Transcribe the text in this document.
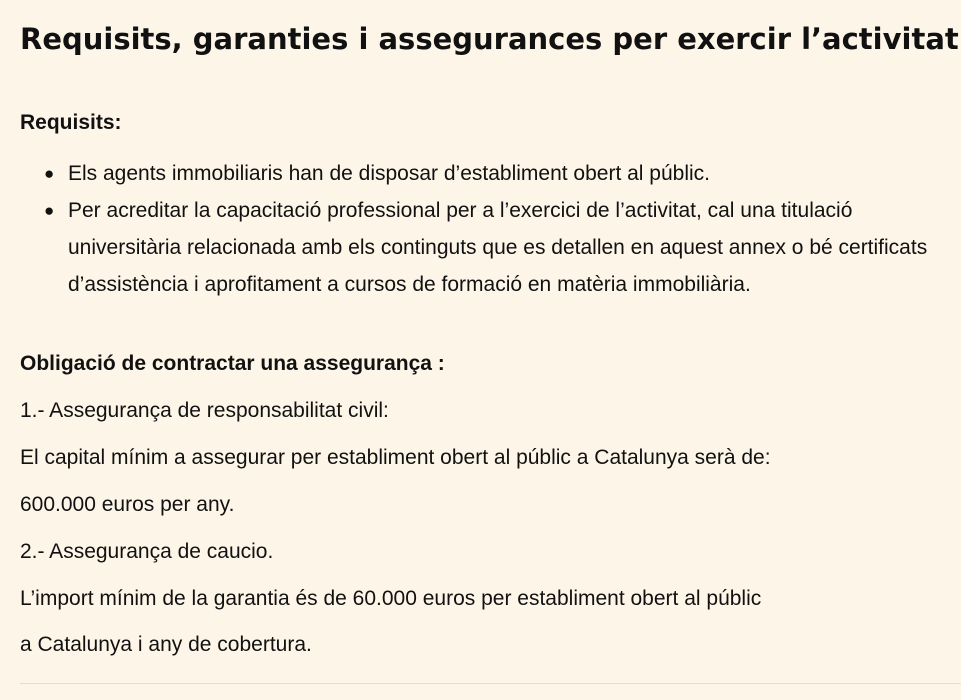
Requisits, garanties i assegurances per exercir l’activitat
Requisits:
● Els agents immobiliaris han de disposar d’establiment obert al públic.
● Per acreditar la capacitació professional per a l’exercici de l’activitat, cal una titulació universitària relacionada amb els continguts que es detallen en aquest annex o bé certificats d’assistència i aprofitament a cursos de formació en matèria immobiliària.
Obligació de contractar una assegurança :
1.- Assegurança de responsabilitat civil:
El capital mínim a assegurar per establiment obert al públic a Catalunya serà de:
600.000 euros per any.
2.- Assegurança de caucio.
L’import mínim de la garantia és de 60.000 euros per establiment obert al públic
a Catalunya i any de cobertura.
